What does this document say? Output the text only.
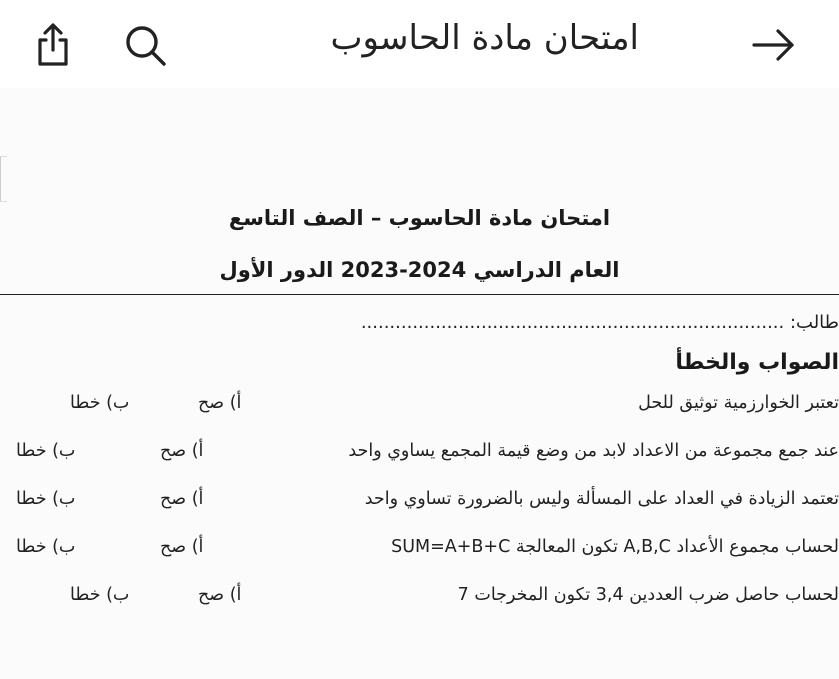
امتحان مادة الحاسوب
امتحان مادة الحاسوب – الصف التاسع
العام الدراسي 2024-2023 الدور الأول
طالب: ..........................................................................
الصواب والخطأ
تعتبر الخوارزمية توثيق للحل
أ) صح
ب) خطا
عند جمع مجموعة من الاعداد لابد من وضع قيمة المجمع يساوي واحد
أ) صح
ب) خطا
تعتمد الزيادة في العداد على المسألة وليس بالضرورة تساوي واحد
أ) صح
ب) خطا
لحساب مجموع الأعداد A,B,C تكون المعالجة SUM=A+B+C
أ) صح
ب) خطا
لحساب حاصل ضرب العددين 3,4 تكون المخرجات 7
أ) صح
ب) خطا
